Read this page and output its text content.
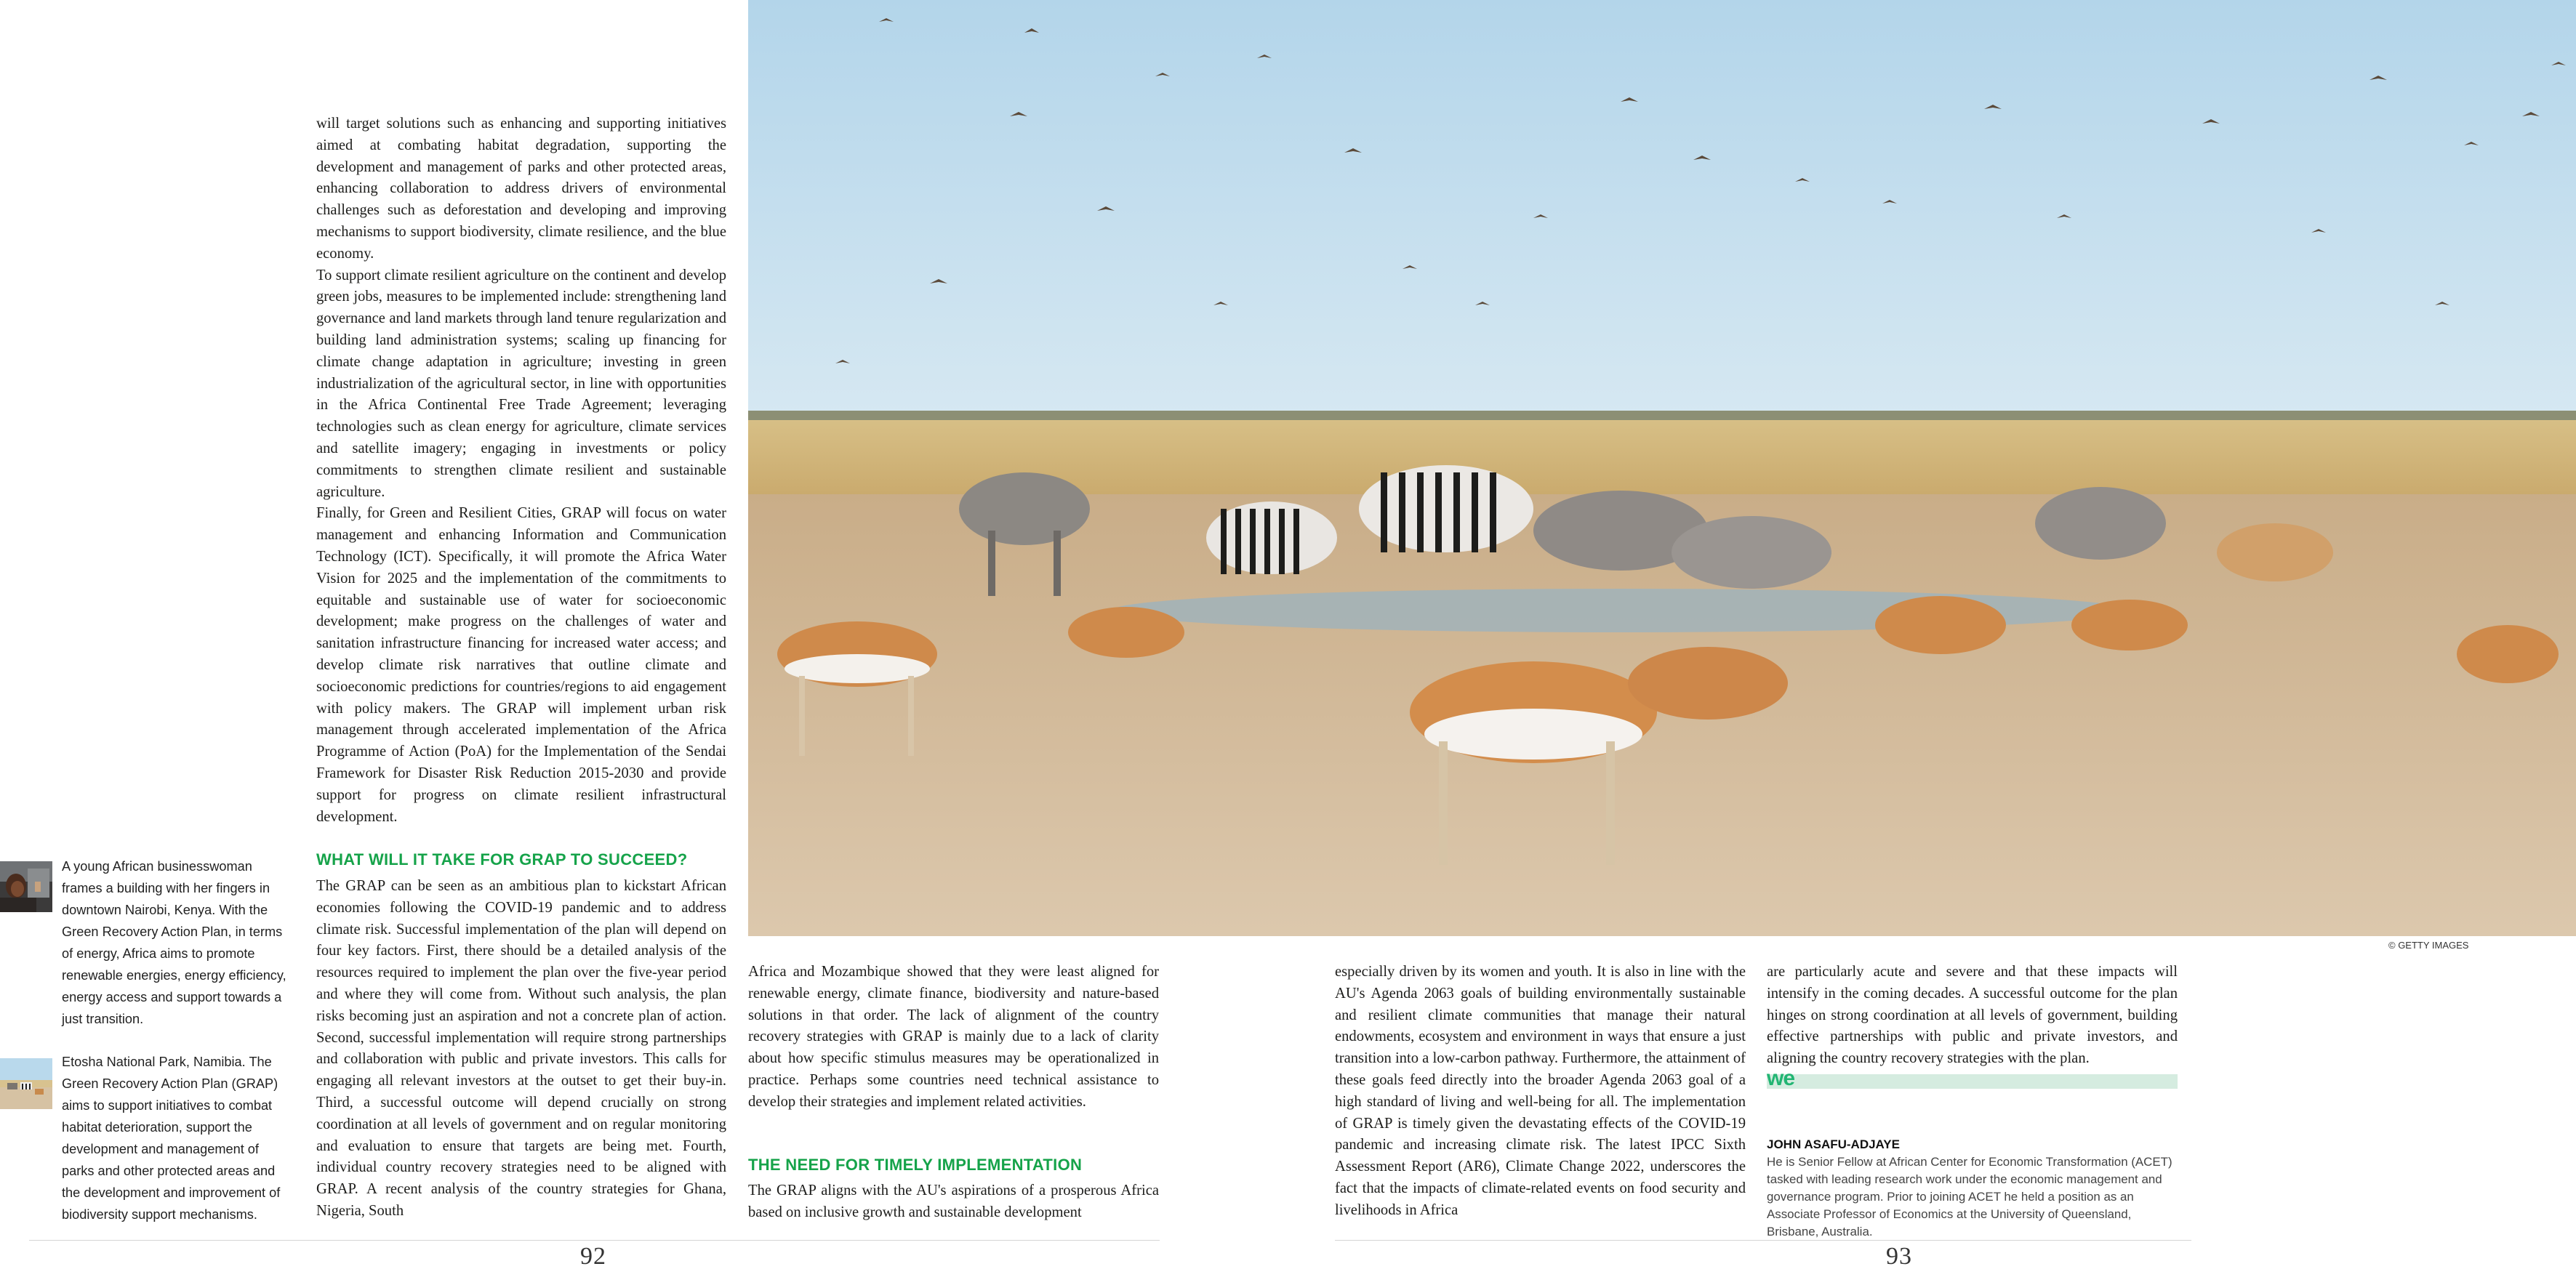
will target solutions such as enhancing and supporting initiatives aimed at combating habitat degradation, supporting the development and management of parks and other protected areas, enhancing collaboration to address drivers of environmental challenges such as deforestation and developing and improving mechanisms to support biodiversity, climate resilience, and the blue economy.

To support climate resilient agriculture on the continent and develop green jobs, measures to be implemented include: strengthening land governance and land markets through land tenure regularization and building land administration systems; scaling up financing for climate change adaptation in agriculture; investing in green industrialization of the agricultural sector, in line with opportunities in the Africa Continental Free Trade Agreement; leveraging technologies such as clean energy for agriculture, climate services and satellite imagery; engaging in investments or policy commitments to strengthen climate resilient and sustainable agriculture.

Finally, for Green and Resilient Cities, GRAP will focus on water management and enhancing Information and Communication Technology (ICT). Specifically, it will promote the Africa Water Vision for 2025 and the implementation of the commitments to equitable and sustainable use of water for socioeconomic development; make progress on the challenges of water and sanitation infrastructure financing for increased water access; and develop climate risk narratives that outline climate and socioeconomic predictions for countries/regions to aid engagement with policy makers. The GRAP will implement urban risk management through accelerated implementation of the Africa Programme of Action (PoA) for the Implementation of the Sendai Framework for Disaster Risk Reduction 2015-2030 and provide support for progress on climate resilient infrastructural development.

WHAT WILL IT TAKE FOR GRAP TO SUCCEED?

The GRAP can be seen as an ambitious plan to kickstart African economies following the COVID-19 pandemic and to address climate risk. Successful implementation of the plan will depend on four key factors. First, there should be a detailed analysis of the resources required to implement the plan over the five-year period and where they will come from. Without such analysis, the plan risks becoming just an aspiration and not a concrete plan of action. Second, successful implementation will require strong partnerships and collaboration with public and private investors. This calls for engaging all relevant investors at the outset to get their buy-in. Third, a successful outcome will depend crucially on strong coordination at all levels of government and on regular monitoring and evaluation to ensure that targets are being met. Fourth, individual country recovery strategies need to be aligned with GRAP. A recent analysis of the country strategies for Ghana, Nigeria, South

A young African businesswoman frames a building with her fingers in downtown Nairobi, Kenya. With the Green Recovery Action Plan, in terms of energy, Africa aims to promote renewable energies, energy efficiency, energy access and support towards a just transition.
Etosha National Park, Namibia. The Green Recovery Action Plan (GRAP) aims to support initiatives to combat habitat deterioration, support the development and management of parks and other protected areas and the development and improvement of biodiversity support mechanisms.
92
© GETTY IMAGES

Africa and Mozambique showed that they were least aligned for renewable energy, climate finance, biodiversity and nature-based solutions in that order. The lack of alignment of the country recovery strategies with GRAP is mainly due to a lack of clarity about how specific stimulus measures may be operationalized in practice. Perhaps some countries need technical assistance to develop their strategies and implement related activities.

THE NEED FOR TIMELY IMPLEMENTATION

The GRAP aligns with the AU's aspirations of a prosperous Africa based on inclusive growth and sustainable development

especially driven by its women and youth. It is also in line with the AU's Agenda 2063 goals of building environmentally sustainable and resilient climate communities that manage their natural endowments, ecosystem and environment in ways that ensure a just transition into a low-carbon pathway. Furthermore, the attainment of these goals feed directly into the broader Agenda 2063 goal of a high standard of living and well-being for all. The implementation of GRAP is timely given the devastating effects of the COVID-19 pandemic and increasing climate risk. The latest IPCC Sixth Assessment Report (AR6), Climate Change 2022, underscores the fact that the impacts of climate-related events on food security and livelihoods in Africa

are particularly acute and severe and that these impacts will intensify in the coming decades. A successful outcome for the plan hinges on strong coordination at all levels of government, building effective partnerships with public and private investors, and aligning the country recovery strategies with the plan.

we
JOHN ASAFU-ADJAYE
He is Senior Fellow at African Center for Economic Transformation (ACET) tasked with leading research work under the economic management and governance program. Prior to joining ACET he held a position as an Associate Professor of Economics at the University of Queensland, Brisbane, Australia.
93
